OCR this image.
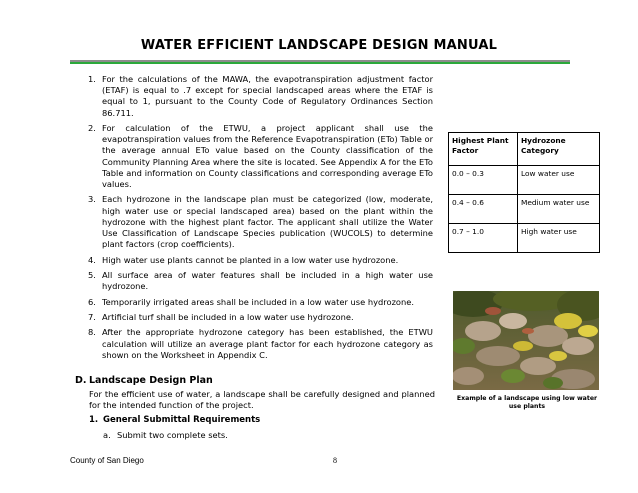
WATER EFFICIENT LANDSCAPE DESIGN MANUAL
1. For the calculations of the MAWA, the evapotranspiration adjustment factor (ETAF) is equal to .7 except for special landscaped areas where the ETAF is equal to 1, pursuant to the County Code of Regulatory Ordinances Section 86.711.
2. For calculation of the ETWU, a project applicant shall use the evapotranspiration values from the Reference Evapotranspiration (ETo) Table or the average annual ETo value based on the County classification of the Community Planning Area where the site is located. See Appendix A for the ETo Table and information on County classifications and corresponding average ETo values.
3. Each hydrozone in the landscape plan must be categorized (low, moderate, high water use or special landscaped area) based on the plant within the hydrozone with the highest plant factor. The applicant shall utilize the Water Use Classification of Landscape Species publication (WUCOLS) to determine plant factors (crop coefficients).
4. High water use plants cannot be planted in a low water use hydrozone.
5. All surface area of water features shall be included in a high water use hydrozone.
6. Temporarily irrigated areas shall be included in a low water use hydrozone.
7. Artificial turf shall be included in a low water use hydrozone.
8. After the appropriate hydrozone category has been established, the ETWU calculation will utilize an average plant factor for each hydrozone category as shown on the Worksheet in Appendix C.
D. Landscape Design Plan
For the efficient use of water, a landscape shall be carefully designed and planned for the intended function of the project.
1. General Submittal Requirements
a. Submit two complete sets.
Highest Plant Factor	Hydrozone Category
0.0 – 0.3	Low water use
0.4 – 0.6	Medium water use
0.7 – 1.0	High water use
Example of a landscape using low water use plants
County of San Diego	8
